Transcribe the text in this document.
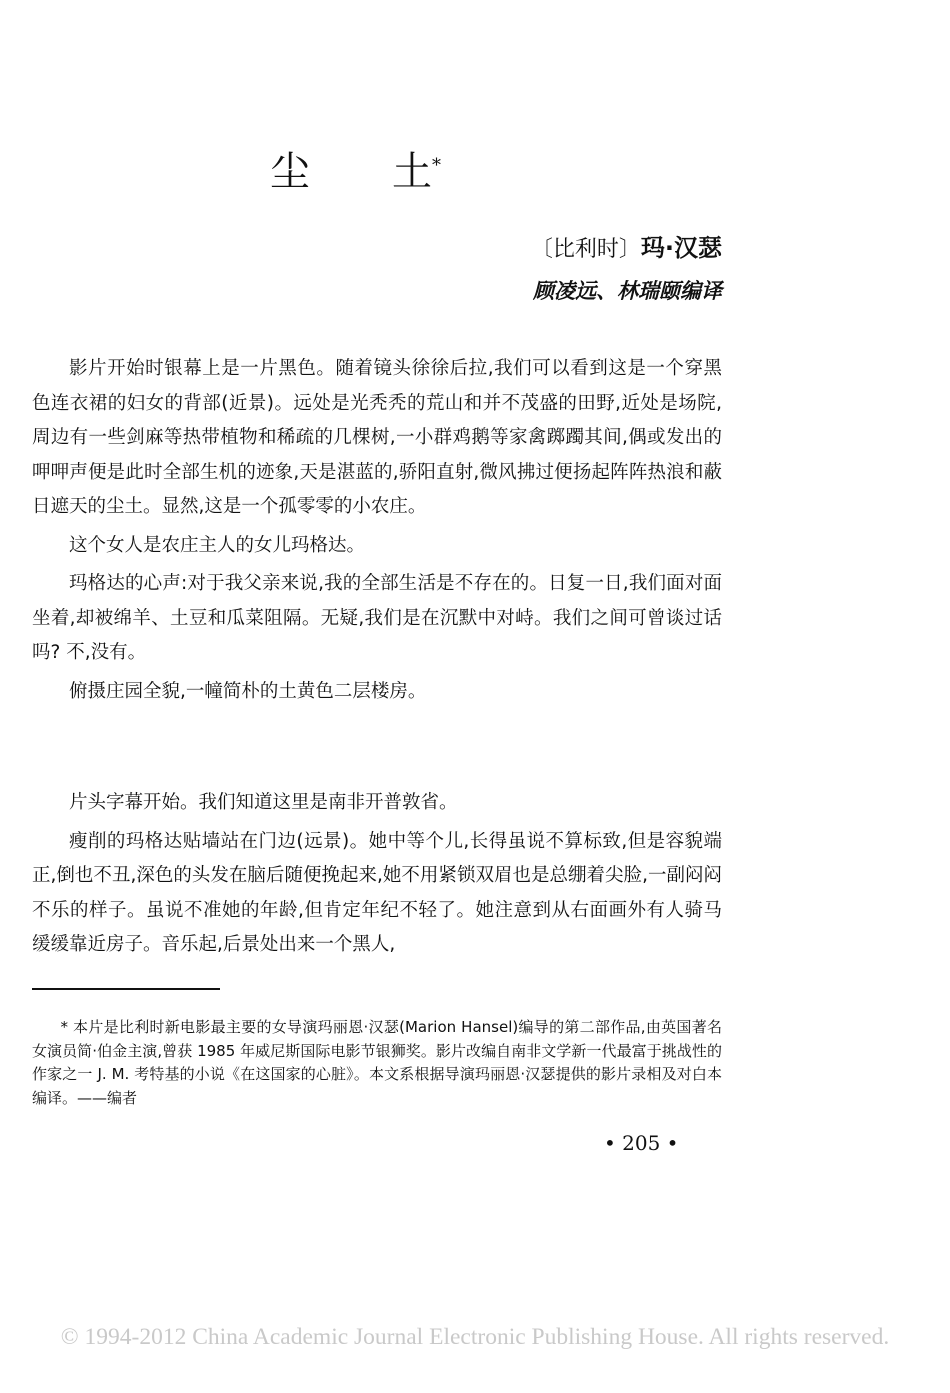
尘 土*
〔比利时〕玛·汉瑟
顾凌远、林瑞颐编译

影片开始时银幕上是一片黑色。随着镜头徐徐后拉,我们可以看到这是一个穿黑色连衣裙的妇女的背部(近景)。远处是光秃秃的荒山和并不茂盛的田野,近处是场院,周边有一些剑麻等热带植物和稀疏的几棵树,一小群鸡鹅等家禽踯躅其间,偶或发出的呷呷声便是此时全部生机的迹象,天是湛蓝的,骄阳直射,微风拂过便扬起阵阵热浪和蔽日遮天的尘土。显然,这是一个孤零零的小农庄。

这个女人是农庄主人的女儿玛格达。

玛格达的心声:对于我父亲来说,我的全部生活是不存在的。日复一日,我们面对面坐着,却被绵羊、土豆和瓜菜阻隔。无疑,我们是在沉默中对峙。我们之间可曾谈过话吗? 不,没有。

俯摄庄园全貌,一幢简朴的土黄色二层楼房。

片头字幕开始。我们知道这里是南非开普敦省。

瘦削的玛格达贴墙站在门边(远景)。她中等个儿,长得虽说不算标致,但是容貌端正,倒也不丑,深色的头发在脑后随便挽起来,她不用紧锁双眉也是总绷着尖脸,一副闷闷不乐的样子。虽说不准她的年龄,但肯定年纪不轻了。她注意到从右面画外有人骑马缓缓靠近房子。音乐起,后景处出来一个黑人,

* 本片是比利时新电影最主要的女导演玛丽恩·汉瑟(Marion Hansel)编导的第二部作品,由英国著名女演员简·伯金主演,曾获 1985 年威尼斯国际电影节银狮奖。影片改编自南非文学新一代最富于挑战性的作家之一 J. M. 考特基的小说《在这国家的心脏》。本文系根据导演玛丽恩·汉瑟提供的影片录相及对白本编译。——编者
• 205 •
© 1994-2012 China Academic Journal Electronic Publishing House. All rights reserved.
